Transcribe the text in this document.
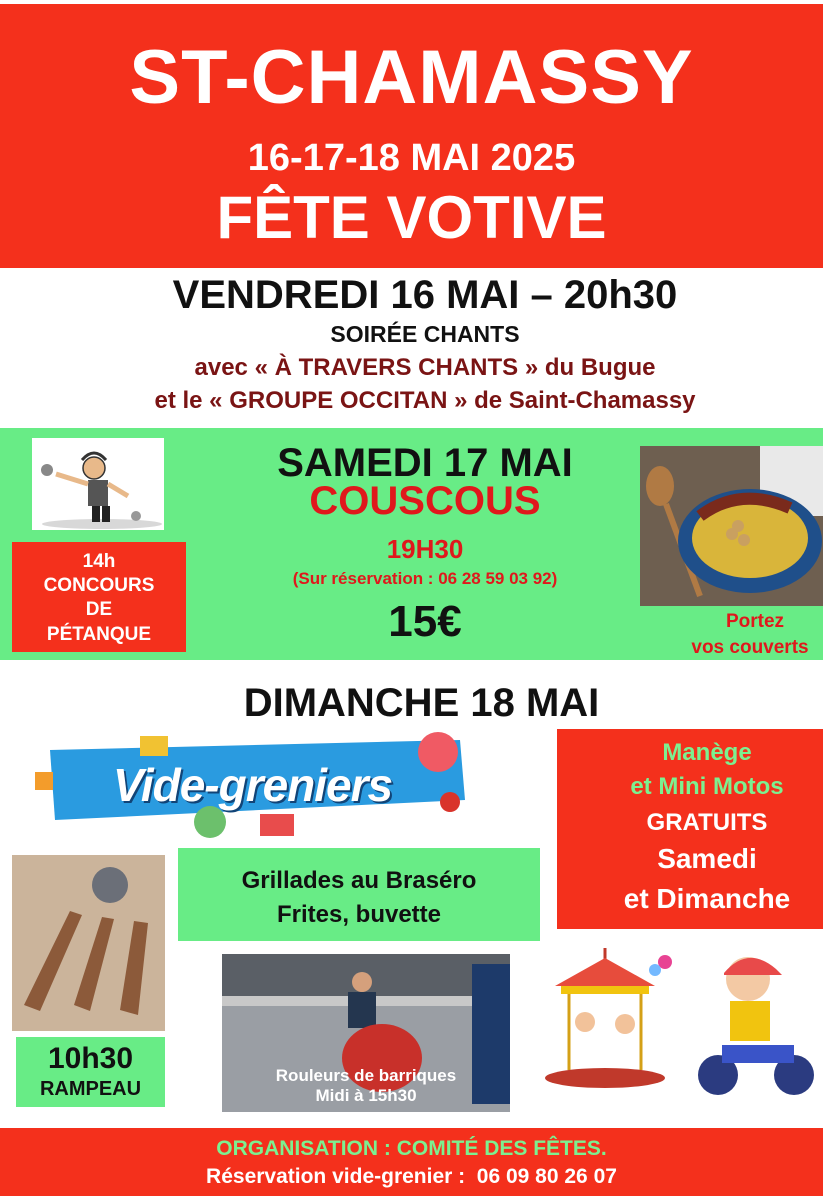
ST-CHAMASSY
16-17-18 MAI 2025
FÊTE VOTIVE
VENDREDI 16 MAI – 20h30
SOIRÉE CHANTS
avec « À TRAVERS CHANTS » du Bugue
et le « GROUPE OCCITAN » de Saint-Chamassy
14h
CONCOURS
DE
PÉTANQUE
SAMEDI 17 MAI
COUSCOUS
19H30
(Sur réservation : 06 28 59 03 92)
15€	Portez
vos couverts
DIMANCHE 18 MAI
Vide-greniers
Manège
et Mini Motos
GRATUITS
Samedi
et Dimanche
Grillades au Braséro
Frites, buvette
Rouleurs de barriques
Midi à 15h30
10h30
RAMPEAU
ORGANISATION : COMITÉ DES FÊTES.
Réservation vide-grenier :  06 09 80 26 07
